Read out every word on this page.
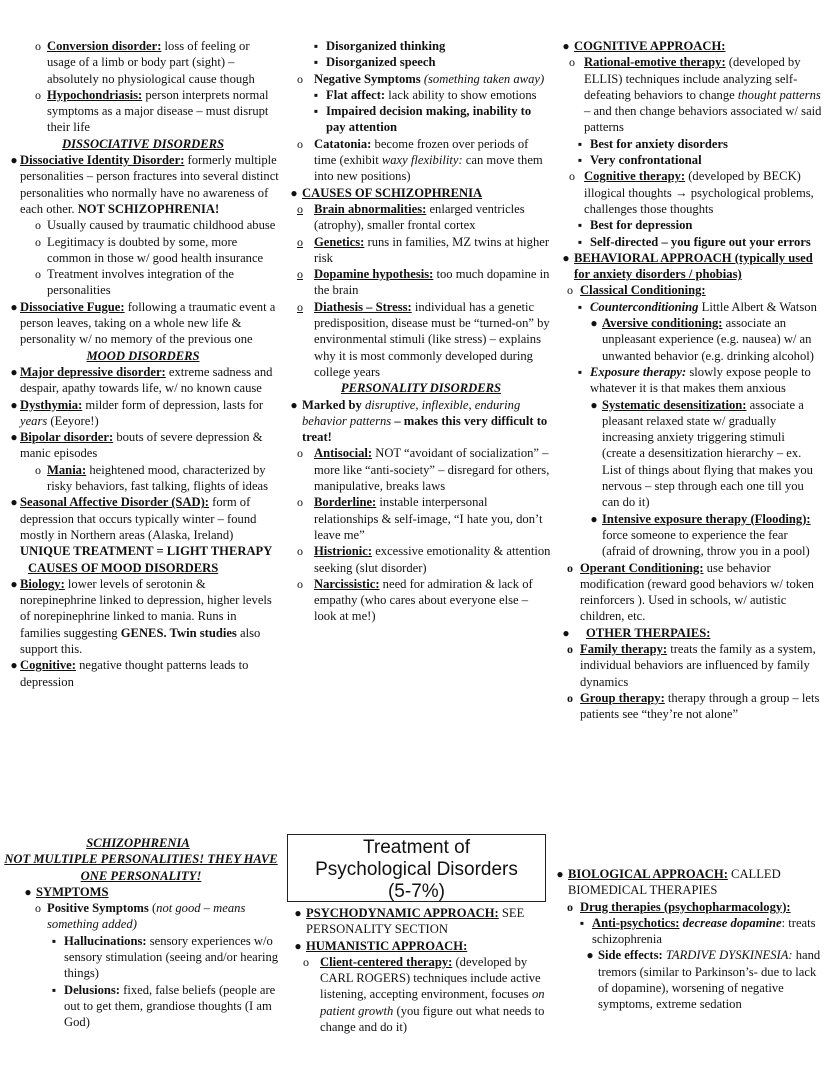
o Conversion disorder: loss of feeling or usage of a limb or body part (sight) – absolutely no physiological cause though
o Hypochondriasis: person interprets normal symptoms as a major disease – must disrupt their life
DISSOCIATIVE DISORDERS
● Dissociative Identity Disorder: formerly multiple personalities – person fractures into several distinct personalities who normally have no awareness of each other. NOT SCHIZOPHRENIA!
o Usually caused by traumatic childhood abuse
o Legitimacy is doubted by some, more common in those w/ good health insurance
o Treatment involves integration of the personalities
● Dissociative Fugue: following a traumatic event a person leaves, taking on a whole new life & personality w/ no memory of the previous one
MOOD DISORDERS
● Major depressive disorder: extreme sadness and despair, apathy towards life, w/ no known cause
● Dysthymia: milder form of depression, lasts for years (Eeyore!)
● Bipolar disorder: bouts of severe depression & manic episodes
o Mania: heightened mood, characterized by risky behaviors, fast talking, flights of ideas
● Seasonal Affective Disorder (SAD): form of depression that occurs typically winter – found mostly in Northern areas (Alaska, Ireland) UNIQUE TREATMENT = LIGHT THERAPY
CAUSES OF MOOD DISORDERS
● Biology: lower levels of serotonin & norepinephrine linked to depression, higher levels of norepinephrine linked to mania. Runs in families suggesting GENES. Twin studies also support this.
● Cognitive: negative thought patterns leads to depression
SCHIZOPHRENIA
NOT MULTIPLE PERSONALITIES! THEY HAVE ONE PERSONALITY!
● SYMPTOMS
o Positive Symptoms (not good – means something added)
▪ Hallucinations: sensory experiences w/o sensory stimulation (seeing and/or hearing things)
▪ Delusions: fixed, false beliefs (people are out to get them, grandiose thoughts (I am God)
▪ Disorganized thinking
▪ Disorganized speech
o Negative Symptoms (something taken away)
▪ Flat affect: lack ability to show emotions
▪ Impaired decision making, inability to pay attention
o Catatonia: become frozen over periods of time (exhibit waxy flexibility: can move them into new positions)
● CAUSES OF SCHIZOPHRENIA
o Brain abnormalities: enlarged ventricles (atrophy), smaller frontal cortex
o Genetics: runs in families, MZ twins at higher risk
o Dopamine hypothesis: too much dopamine in the brain
o Diathesis – Stress: individual has a genetic predisposition, disease must be “turned-on” by environmental stimuli (like stress) – explains why it is most commonly developed during college years
PERSONALITY DISORDERS
● Marked by disruptive, inflexible, enduring behavior patterns – makes this very difficult to treat!
o Antisocial: NOT “avoidant of socialization” – more like “anti-society” – disregard for others, manipulative, breaks laws
o Borderline: instable interpersonal relationships & self-image, “I hate you, don’t leave me”
o Histrionic: excessive emotionality & attention seeking (slut disorder)
o Narcissistic: need for admiration & lack of empathy (who cares about everyone else – look at me!)
Treatment of
Psychological Disorders
(5-7%)
● PSYCHODYNAMIC APPROACH: SEE PERSONALITY SECTION
● HUMANISTIC APPROACH:
o Client-centered therapy: (developed by CARL ROGERS) techniques include active listening, accepting environment, focuses on patient growth (you figure out what needs to change and do it)
● COGNITIVE APPROACH:
o Rational-emotive therapy: (developed by ELLIS) techniques include analyzing self-defeating behaviors to change thought patterns – and then change behaviors associated w/ said patterns
▪ Best for anxiety disorders
▪ Very confrontational
o Cognitive therapy: (developed by BECK) illogical thoughts → psychological problems, challenges those thoughts
▪ Best for depression
▪ Self-directed – you figure out your errors
● BEHAVIORAL APPROACH (typically used for anxiety disorders / phobias)
o Classical Conditioning:
▪ Counterconditioning Little Albert & Watson
● Aversive conditioning: associate an unpleasant experience (e.g. nausea) w/ an unwanted behavior (e.g. drinking alcohol)
▪ Exposure therapy: slowly expose people to whatever it is that makes them anxious
● Systematic desensitization: associate a pleasant relaxed state w/ gradually increasing anxiety triggering stimuli (create a desensitization hierarchy – ex. List of things about flying that makes you nervous – step through each one till you can do it)
● Intensive exposure therapy (Flooding): force someone to experience the fear (afraid of drowning, throw you in a pool)
o Operant Conditioning: use behavior modification (reward good behaviors w/ token reinforcers ). Used in schools, w/ autistic children, etc.
● OTHER THERPAIES:
o Family therapy: treats the family as a system, individual behaviors are influenced by family dynamics
o Group therapy: therapy through a group – lets patients see “they’re not alone”
● BIOLOGICAL APPROACH: CALLED BIOMEDICAL THERAPIES
o Drug therapies (psychopharmacology):
▪ Anti-psychotics: decrease dopamine: treats schizophrenia
● Side effects: TARDIVE DYSKINESIA: hand tremors (similar to Parkinson’s- due to lack of dopamine), worsening of negative symptoms, extreme sedation
